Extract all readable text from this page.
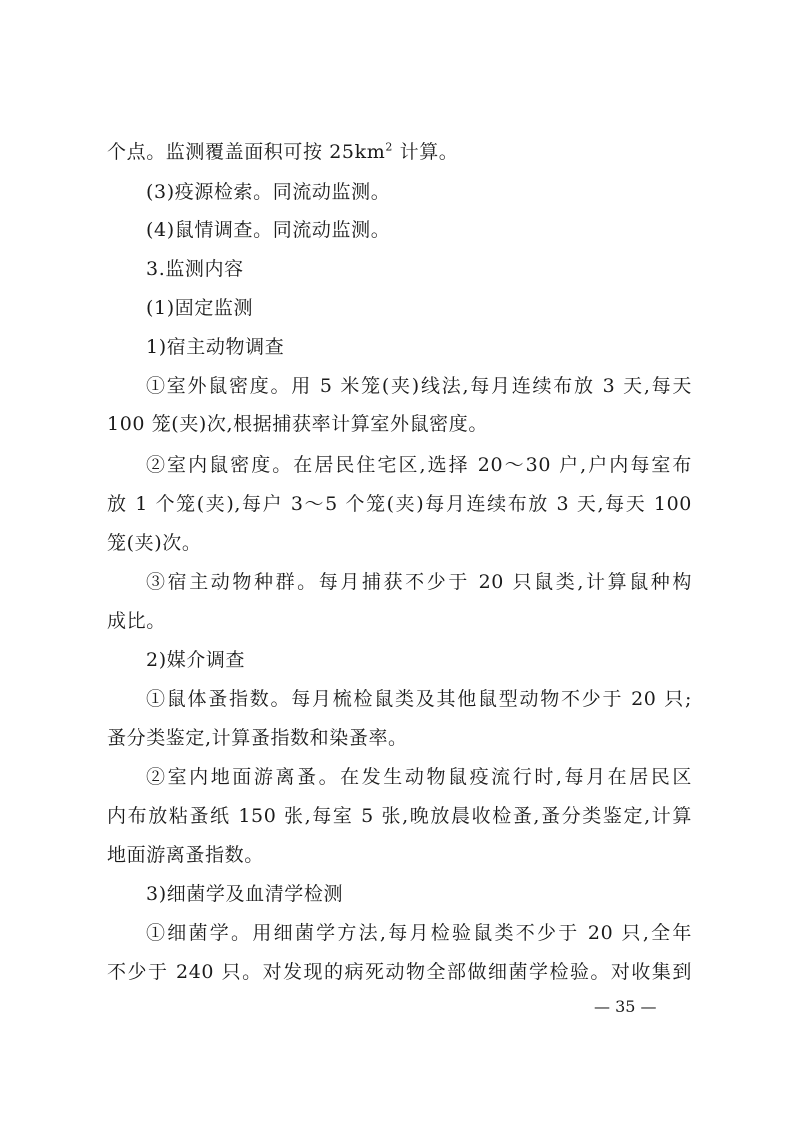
个点。监测覆盖面积可按 $25km^2$ 计算。
(3)疫源检索。同流动监测。
(4)鼠情调查。同流动监测。
3.监测内容
(1)固定监测
1)宿主动物调查
①室外鼠密度。用 5 米笼(夹)线法,每月连续布放 3 天,每天
100 笼(夹)次,根据捕获率计算室外鼠密度。
②室内鼠密度。在居民住宅区,选择 20～30 户,户内每室布
放 1 个笼(夹),每户 3～5 个笼(夹)每月连续布放 3 天,每天 100
笼(夹)次。
③宿主动物种群。每月捕获不少于 20 只鼠类,计算鼠种构
成比。
2)媒介调查
①鼠体蚤指数。每月梳检鼠类及其他鼠型动物不少于 20 只;
蚤分类鉴定,计算蚤指数和染蚤率。
②室内地面游离蚤。在发生动物鼠疫流行时,每月在居民区
内布放粘蚤纸 150 张,每室 5 张,晚放晨收检蚤,蚤分类鉴定,计算
地面游离蚤指数。
3)细菌学及血清学检测
①细菌学。用细菌学方法,每月检验鼠类不少于 20 只,全年
不少于 240 只。对发现的病死动物全部做细菌学检验。对收集到
— 35 —
